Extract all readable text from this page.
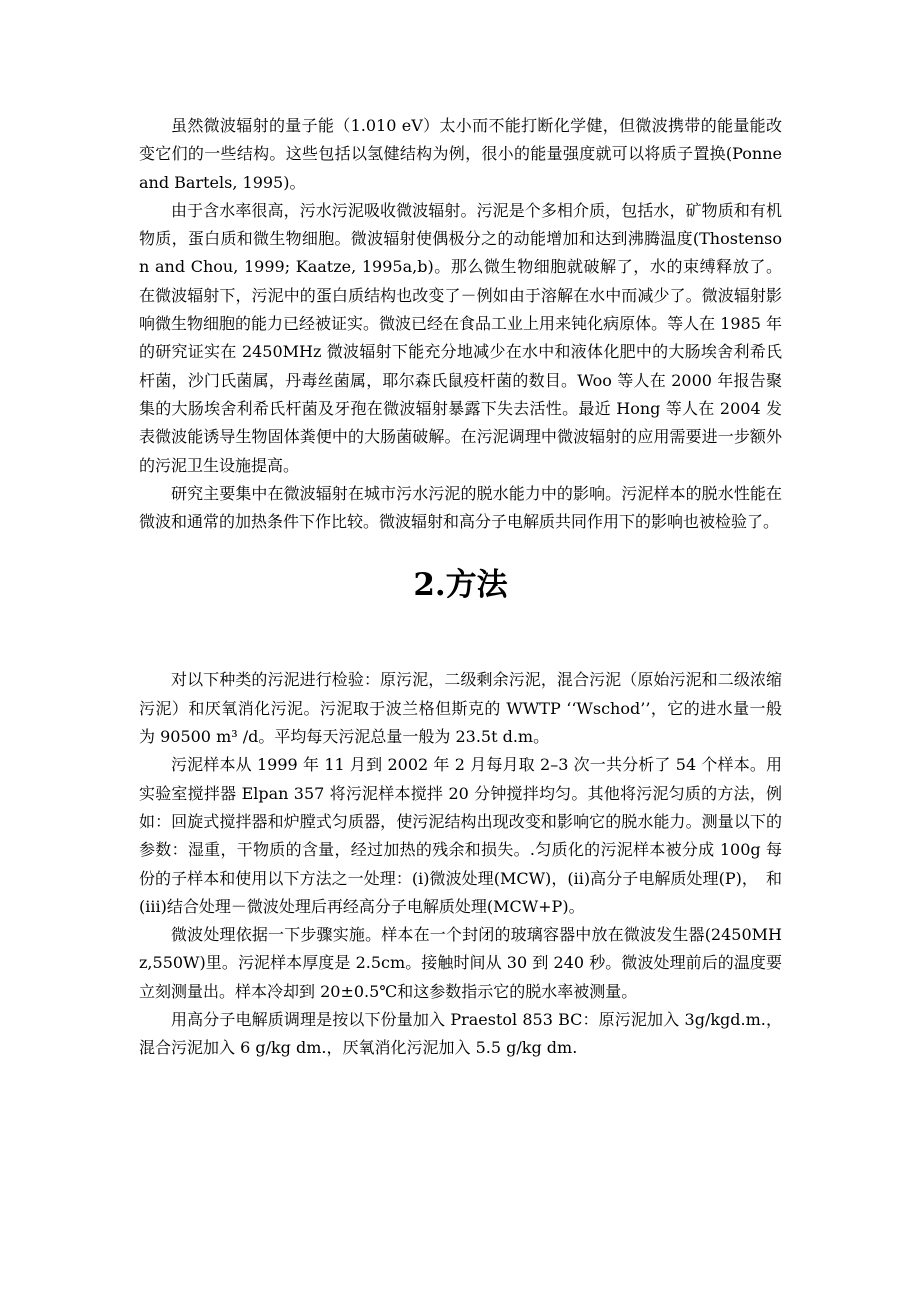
虽然微波辐射的量子能（1.010 eV）太小而不能打断化学健，但微波携带的能量能改变它们的一些结构。这些包括以氢健结构为例，很小的能量强度就可以将质子置换(Ponne and Bartels, 1995)。

由于含水率很高，污水污泥吸收微波辐射。污泥是个多相介质，包括水，矿物质和有机物质，蛋白质和微生物细胞。微波辐射使偶极分之的动能增加和达到沸腾温度(Thostenson and Chou, 1999; Kaatze, 1995a,b)。那么微生物细胞就破解了，水的束缚释放了。在微波辐射下，污泥中的蛋白质结构也改变了－例如由于溶解在水中而减少了。微波辐射影响微生物细胞的能力已经被证实。微波已经在食品工业上用来钝化病原体。等人在 1985 年的研究证实在 2450MHz 微波辐射下能充分地减少在水中和液体化肥中的大肠埃舍利希氏杆菌，沙门氏菌属，丹毒丝菌属，耶尔森氏鼠疫杆菌的数目。Woo 等人在 2000 年报告聚集的大肠埃舍利希氏杆菌及牙孢在微波辐射暴露下失去活性。最近 Hong 等人在 2004 发表微波能诱导生物固体粪便中的大肠菌破解。在污泥调理中微波辐射的应用需要进一步额外的污泥卫生设施提高。

研究主要集中在微波辐射在城市污水污泥的脱水能力中的影响。污泥样本的脱水性能在微波和通常的加热条件下作比较。微波辐射和高分子电解质共同作用下的影响也被检验了。

2.方法

对以下种类的污泥进行检验：原污泥，二级剩余污泥，混合污泥（原始污泥和二级浓缩污泥）和厌氧消化污泥。污泥取于波兰格但斯克的 WWTP ‘‘Wschod’’，它的进水量一般为 90500 m³ /d。平均每天污泥总量一般为 23.5t d.m。

污泥样本从 1999 年 11 月到 2002 年 2 月每月取 2–3 次一共分析了 54 个样本。用实验室搅拌器 Elpan 357 将污泥样本搅拌 20 分钟搅拌均匀。其他将污泥匀质的方法，例如：回旋式搅拌器和炉膛式匀质器，使污泥结构出现改变和影响它的脱水能力。测量以下的参数：湿重，干物质的含量，经过加热的残余和损失。.匀质化的污泥样本被分成 100g 每份的子样本和使用以下方法之一处理：(i)微波处理(MCW)，(ii)高分子电解质处理(P)，　和　(iii)结合处理－微波处理后再经高分子电解质处理(MCW+P)。

微波处理依据一下步骤实施。样本在一个封闭的玻璃容器中放在微波发生器(2450MHz,550W)里。污泥样本厚度是 2.5cm。接触时间从 30 到 240 秒。微波处理前后的温度要立刻测量出。样本冷却到 20±0.5℃和这参数指示它的脱水率被测量。

用高分子电解质调理是按以下份量加入 Praestol 853 BC：原污泥加入 3g/kgd.m.，混合污泥加入 6 g/kg dm.，厌氧消化污泥加入 5.5 g/kg dm.
